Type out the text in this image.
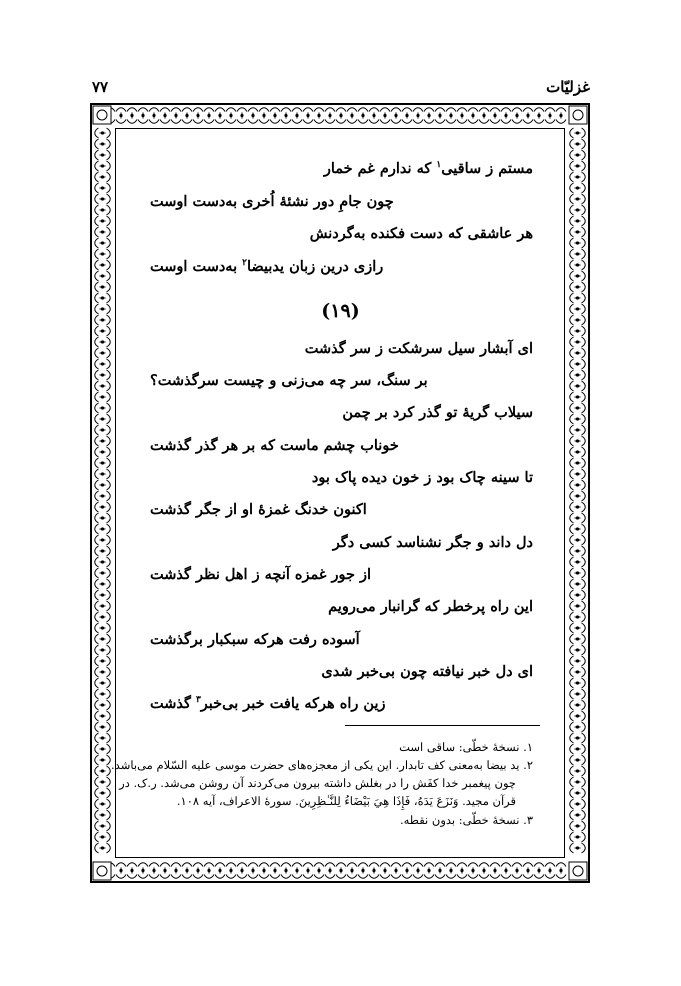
غزلیّات
۷۷
مستم ز ساقیی$^۱$ که ندارم غم خمار
چون جامِ دور نشئهٔ اُخری به‌دست اوست
هر عاشقی که دست فکنده به‌گردنش
رازی درین زبان یدبیضا$^۲$ به‌دست اوست
ای آبشار سیل سرشکت ز سر گذشت
بر سنگ، سر چه می‌زنی و چیست سرگذشت؟
سیلاب گریهٔ تو گذر کرد بر چمن
خوناب چشم ماست که بر هر گذر گذشت
تا سینه چاک بود ز خون دیده پاک بود
اکنون خدنگ غمزهٔ او از جگر گذشت
دل داند و جگر نشناسد کسی دگر
از جور غمزه آنچه ز اهل نظر گذشت
این راه پرخطر که گرانبار می‌رویم
آسوده رفت هرکه سبکبار برگذشت
ای دل خبر نیافته چون بی‌خبر شدی
زین راه هرکه یافت خبر بی‌خبر$^۳$ گذشت
(۱۹)
۱. نسخهٔ خطّی: ساقی است
۲. ید بیضا به‌معنی کف تابدار. این یکی از معجزه‌های حضرت موسی علیه السّلام می‌باشد.
چون پیغمبر خدا کفَش را در بغلش داشته بیرون می‌کردند آن روشن می‌شد. ر.ک. در
قرآن مجید. وَنَزَعَ يَدَهُ، فَإِذَا هِيَ بَيْضَاءُ لِلنَّـٰظِرِينَ. سورهٔ الاعراف، آیه ۱۰۸.
۳. نسخهٔ خطّی: بدون نقطه.
